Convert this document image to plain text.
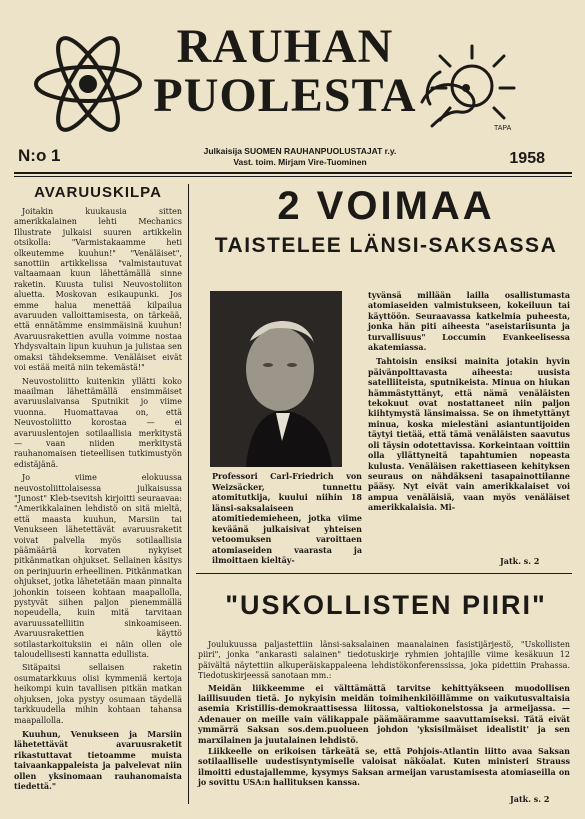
RAUHAN
PUOLESTA
TAPA

N:o 1	Julkaisija SUOMEN RAUHANPUOLUSTAJAT r.y.
Vast. toim. Mirjam Vire-Tuominen	1958

AVARUUSKILPA

Joitakin kuukausia sitten amerikkalainen lehti Mechanics Illustrate julkaisi suuren artikkelin otsikolla: "Varmistakaamme heti olkeutemme kuuhun!" "Venäläiset", sanottiin artikkelissa "valmistautuvat valtaamaan kuun lähettämällä sinne raketin. Kuusta tulisi Neuvostoliiton aluetta. Moskovan esikaupunki. Jos emme halua menettää kilpailua avaruuden valloittamisesta, on tärkeää, että ennätämme ensimmäisinä kuuhun! Avaruusrakettien avulla voimme nostaa Yhdysvaltain lipun kuuhun ja julistaa sen omaksi tähdeksemme. Venäläiset eivät voi estää meitä niin tekemästä!"

Neuvostoliitto kuitenkin yllätti koko maailman lähettämällä ensimmäiset avaruuslaivansa Sputnikit jo viime vuonna. Huomattavaa on, että Neuvostoliitto korostaa — ei avaruuslentojen sotilaallisia merkitystä — vaan niiden merkitystä rauhanomaisen tieteellisen tutkimustyön edistäjänä.

Jo viime elokuussa neuvostoliittolaisessa julkaisussa "Junost" Kleb-tsevitsh kirjoitti seuraavaa: "Amerikkalainen lehdistö on sitä mieltä, että maasta kuuhun, Marsiin tai Venukseen lähetettävät avaruusraketit voivat palvella myös sotilaallisia päämääriä korvaten nykyiset pitkänmatkan ohjukset. Sellainen käsitys on perinjuurin erheellinen. Pitkänmatkan ohjukset, jotka lähetetään maan pinnalta johonkin toiseen kohtaan maapallolla, pystyvät siihen paljon pienemmällä nopeudella, kuin mitä tarvitaan avaruussatelliitin sinkoamiseen. Avaruusrakettien käyttö sotilastarkoituksiin ei näin ollen ole taloudellisesti kannatta edullista.

Sitäpaitsi sellaisen raketin osumatarkkuus olisi kymmeniä kertoja heikompi kuin tavallisen pitkän matkan ohjuksen, joka pystyy osumaan täydellä tarkkuudella mihin kohtaan tahansa maapallolla.

Kuuhun, Venukseen ja Marsiin lähetettävät avaruusraketit rikastuttavat tietoamme muista taivaankappaleista ja palvelevat niin ollen yksinomaan rauhanomaista tiedettä."

2 VOIMAA
TAISTELEE LÄNSI-SAKSASSA

Professori Carl-Friedrich von Weizsäcker, tunnettu atomitutkija, kuului niihin 18 länsi-saksalaiseen atomitiedemieheen, jotka viime keväänä julkaisivat yhteisen vetoomuksen varoittaen atomiaseiden vaarasta ja ilmoittaen kieltäy-

tyvänsä millään lailla osallistumasta atomiaseiden valmistukseen, kokeiluun tai käyttöön. Seuraavassa katkelmia puheesta, jonka hän piti aiheesta "aseistariisunta ja turvallisuus" Loccumin Evankeelisessa akatemiassa.

Tahtoisin ensiksi mainita jotakin hyvin päivänpolttavasta aiheesta: uusista satelliiteista, sputnikeista. Minua on hiukan hämmästyttänyt, että nämä venäläisten tekokuut ovat nostattaneet niin paljon kiihtymystä länsimaissa. Se on ihmetyttänyt minua, koska mielestäni asiantuntijoiden täytyi tietää, että tämä venäläisten saavutus oli täysin odotettavissa. Korkeintaan voittiin olla yllättyneitä tapahtumien nopeasta kulusta. Venäläisen rakettiaseen kehityksen seuraus on nähdäkseni tasapainottilanne pääsy. Nyt eivät vain amerikkalaiset voi ampua venäläisiä, vaan myös venäläiset amerikkalaisia. Mi-

Jatk. s. 2

"USKOLLISTEN PIIRI"

Joulukuussa paljastettiin länsi-saksalainen maanalainen fasistijärjestö, "Uskollisten piiri", jonka "ankarasti salainen" tiedotuskirje ryhmien johtajille viime kesäkuun 12 päivältä näytettiin alkuperäiskappaleena lehdistökonferenssissa, joka pidettiin Prahassa. Tiedotuskirjeessä sanotaan mm.:

Meidän liikkeemme ei välttämättä tarvitse kehittyäkseen muodollisen laillisuuden tietä. Jo nykyisin meidän toimihenkilöillämme on vaikutusvaltaisia asemia Kristillis-demokraattisessa liitossa, valtiokonelstossa ja armeijassa. — Adenauer on meille vain välikappale päämääramme saavuttamiseksi. Tätä eivät ymmärrä Saksan sos.dem.puolueen johdon 'yksisilmäiset idealistit' ja sen marxilainen ja juutalainen lehdistö.

Liikkeelle on erikoisen tärkeätä se, että Pohjois-Atlantin liitto avaa Saksan sotilaalliselle uudestisyntymiselle valoisat näköalat. Kuten ministeri Strauss ilmoitti edustajallemme, kysymys Saksan armeijan varustamisesta atomiaseilla on jo sovittu USA:n hallituksen kanssa.

Jatk. s. 2
